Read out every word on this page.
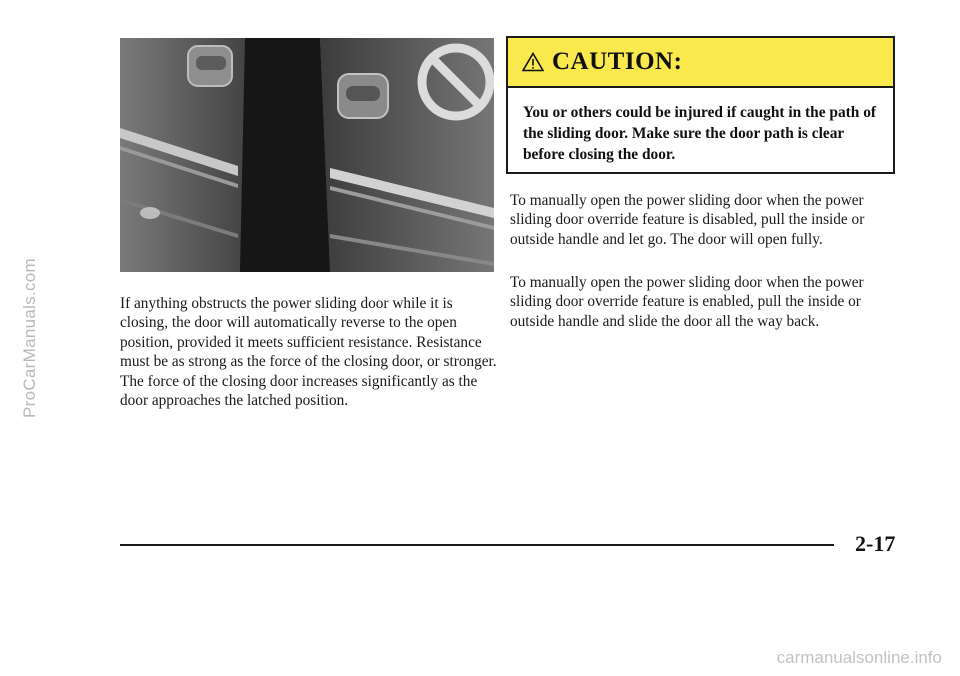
ProCarManuals.com	If anything obstructs the power sliding door while it is closing, the door will automatically reverse to the open position, provided it meets sufficient resistance. Resistance must be as strong as the force of the closing door, or stronger. The force of the closing door increases significantly as the door approaches the latched position.

CAUTION:

You or others could be injured if caught in the path of the sliding door. Make sure the door path is clear before closing the door.

To manually open the power sliding door when the power sliding door override feature is disabled, pull the inside or outside handle and let go. The door will open fully.

To manually open the power sliding door when the power sliding door override feature is enabled, pull the inside or outside handle and slide the door all the way back.

2-17
carmanualsonline.info
